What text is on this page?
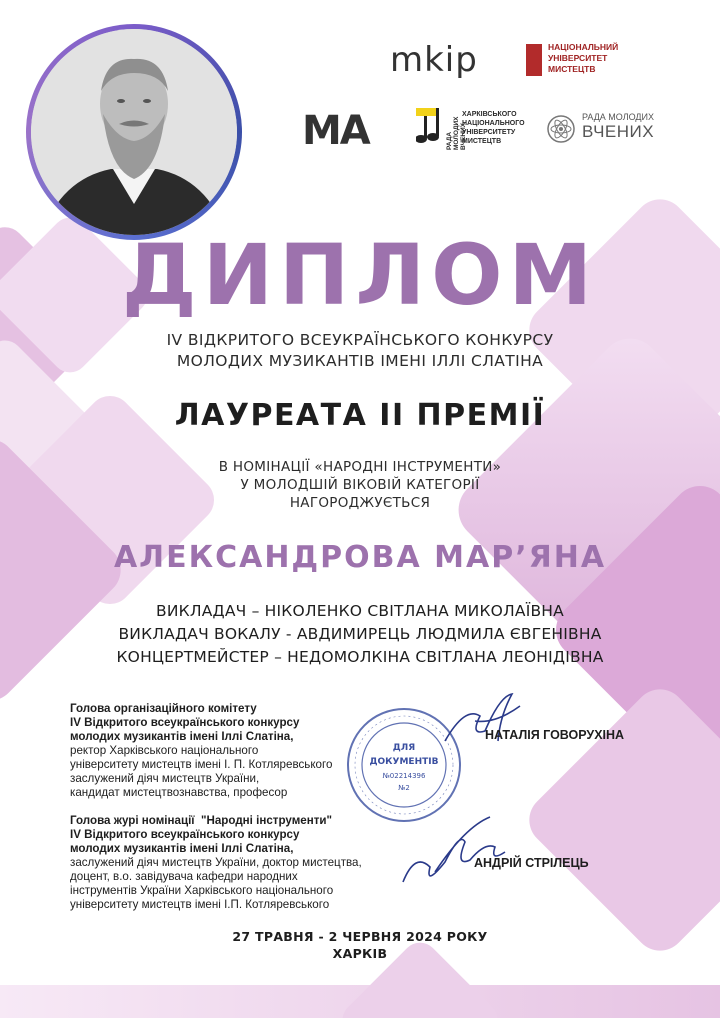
mkip	НАЦІОНАЛЬНИЙ УНІВЕРСИТЕТ МИСТЕЦТВ
MA	РАДА МОЛОДИХ ВЧЕНИХ
ХАРКІВСЬКОГО НАЦІОНАЛЬНОГО УНІВЕРСИТЕТУ МИСТЕЦТВ
РАДА МОЛОДИХ
ВЧЕНИХ
ДИПЛОМ
IV ВІДКРИТОГО ВСЕУКРАЇНСЬКОГО КОНКУРСУ
МОЛОДИХ МУЗИКАНТІВ ІМЕНІ ІЛЛІ СЛАТІНА
ЛАУРЕАТА ІІ ПРЕМІЇ
В НОМІНАЦІЇ «НАРОДНІ ІНСТРУМЕНТИ»
У МОЛОДШІЙ ВІКОВІЙ КАТЕГОРІЇ
НАГОРОДЖУЄТЬСЯ
АЛЕКСАНДРОВА МАР’ЯНА
ВИКЛАДАЧ – НІКОЛЕНКО СВІТЛАНА МИКОЛАЇВНА
ВИКЛАДАЧ ВОКАЛУ - АВДИМИРЕЦЬ ЛЮДМИЛА ЄВГЕНІВНА
КОНЦЕРТМЕЙСТЕР – НЕДОМОЛКІНА СВІТЛАНА ЛЕОНІДІВНА
ДЛЯ
ДОКУМЕНТІВ
№02214396
№2
Голова організаційного комітету
IV Відкритого всеукраїнського конкурсу
молодих музикантів імені Іллі Слатіна,
ректор Харківського національного
університету мистецтв імені І. П. Котляревського
заслужений діяч мистецтв України,
кандидат мистецтвознавства, професор
НАТАЛІЯ ГОВОРУХІНА
Голова журі номінації  "Народні інструменти"
IV Відкритого всеукраїнського конкурсу
молодих музикантів імені Іллі Слатіна,
заслужений діяч мистецтв України, доктор мистецтва,
доцент, в.о. завідувача кафедри народних
інструментів України Харківського національного
університету мистецтв імені І.П. Котляревського
АНДРІЙ СТРІЛЕЦЬ
27 ТРАВНЯ - 2 ЧЕРВНЯ 2024 РОКУ
ХАРКІВ
